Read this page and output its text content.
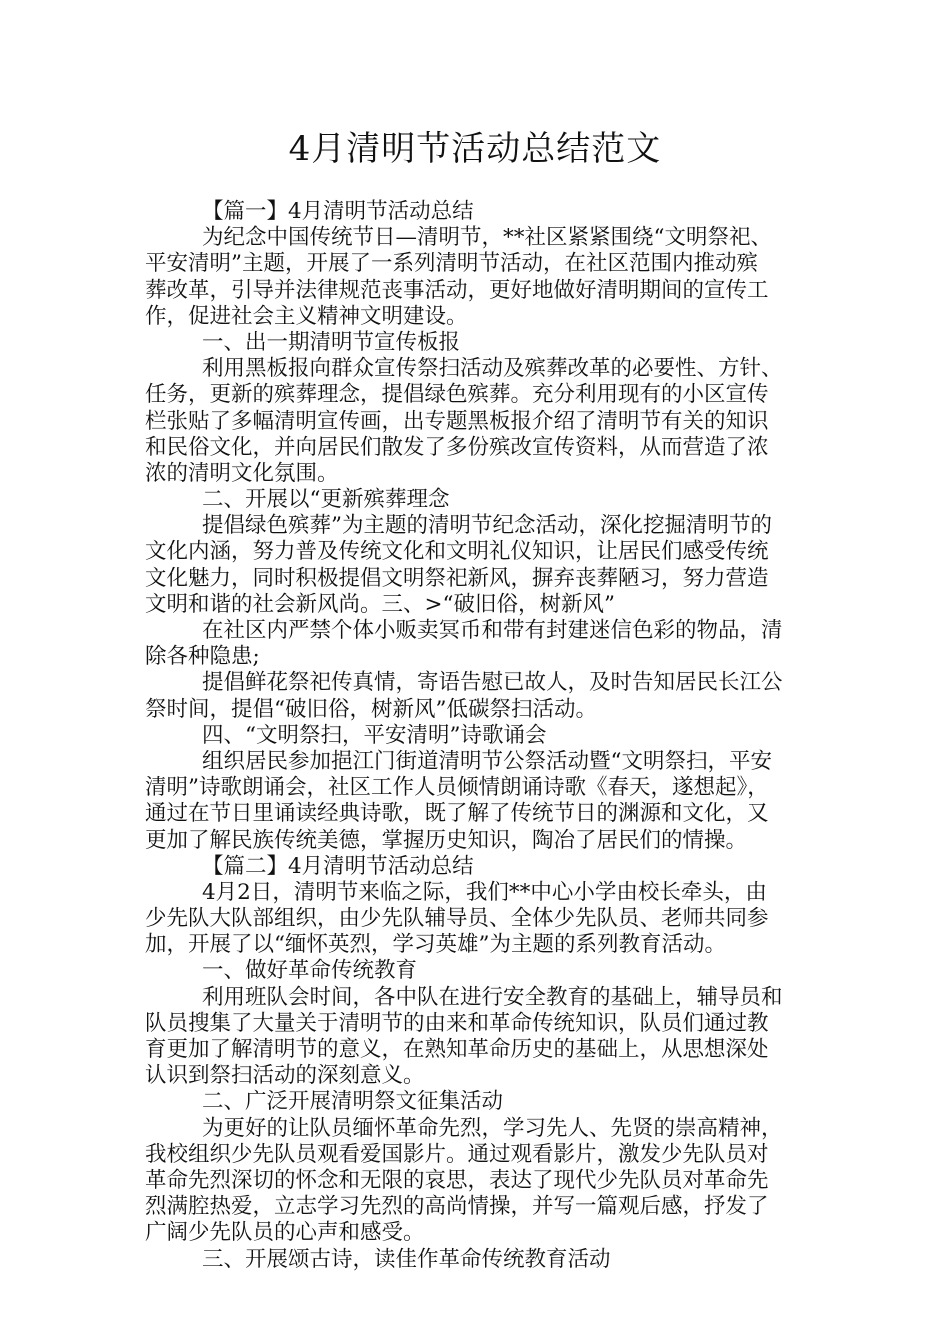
4月清明节活动总结范文
【篇一】4月清明节活动总结
为纪念中国传统节日—清明节，**社区紧紧围绕“文明祭祀、
平安清明”主题，开展了一系列清明节活动，在社区范围内推动殡
葬改革，引导并法律规范丧事活动，更好地做好清明期间的宣传工
作，促进社会主义精神文明建设。
一、出一期清明节宣传板报
利用黑板报向群众宣传祭扫活动及殡葬改革的必要性、方针、
任务，更新的殡葬理念，提倡绿色殡葬。充分利用现有的小区宣传
栏张贴了多幅清明宣传画，出专题黑板报介绍了清明节有关的知识
和民俗文化，并向居民们散发了多份殡改宣传资料，从而营造了浓
浓的清明文化氛围。
二、开展以“更新殡葬理念
提倡绿色殡葬”为主题的清明节纪念活动，深化挖掘清明节的
文化内涵，努力普及传统文化和文明礼仪知识，让居民们感受传统
文化魅力，同时积极提倡文明祭祀新风，摒弃丧葬陋习，努力营造
文明和谐的社会新风尚。三、>“破旧俗，树新风”
在社区内严禁个体小贩卖冥币和带有封建迷信色彩的物品，清
除各种隐患;
提倡鲜花祭祀传真情，寄语告慰已故人，及时告知居民长江公
祭时间，提倡“破旧俗，树新风”低碳祭扫活动。
四、“文明祭扫，平安清明”诗歌诵会
组织居民参加挹江门街道清明节公祭活动暨“文明祭扫，平安
清明”诗歌朗诵会，社区工作人员倾情朗诵诗歌《春天，遂想起》，
通过在节日里诵读经典诗歌，既了解了传统节日的渊源和文化，又
更加了解民族传统美德，掌握历史知识，陶冶了居民们的情操。
【篇二】4月清明节活动总结
4月2日，清明节来临之际，我们**中心小学由校长牵头，由
少先队大队部组织，由少先队辅导员、全体少先队员、老师共同参
加，开展了以“缅怀英烈，学习英雄”为主题的系列教育活动。
一、做好革命传统教育
利用班队会时间，各中队在进行安全教育的基础上，辅导员和
队员搜集了大量关于清明节的由来和革命传统知识，队员们通过教
育更加了解清明节的意义，在熟知革命历史的基础上，从思想深处
认识到祭扫活动的深刻意义。
二、广泛开展清明祭文征集活动
为更好的让队员缅怀革命先烈，学习先人、先贤的崇高精神，
我校组织少先队员观看爱国影片。通过观看影片，激发少先队员对
革命先烈深切的怀念和无限的哀思，表达了现代少先队员对革命先
烈满腔热爱，立志学习先烈的高尚情操，并写一篇观后感，抒发了
广阔少先队员的心声和感受。
三、开展颂古诗，读佳作革命传统教育活动
